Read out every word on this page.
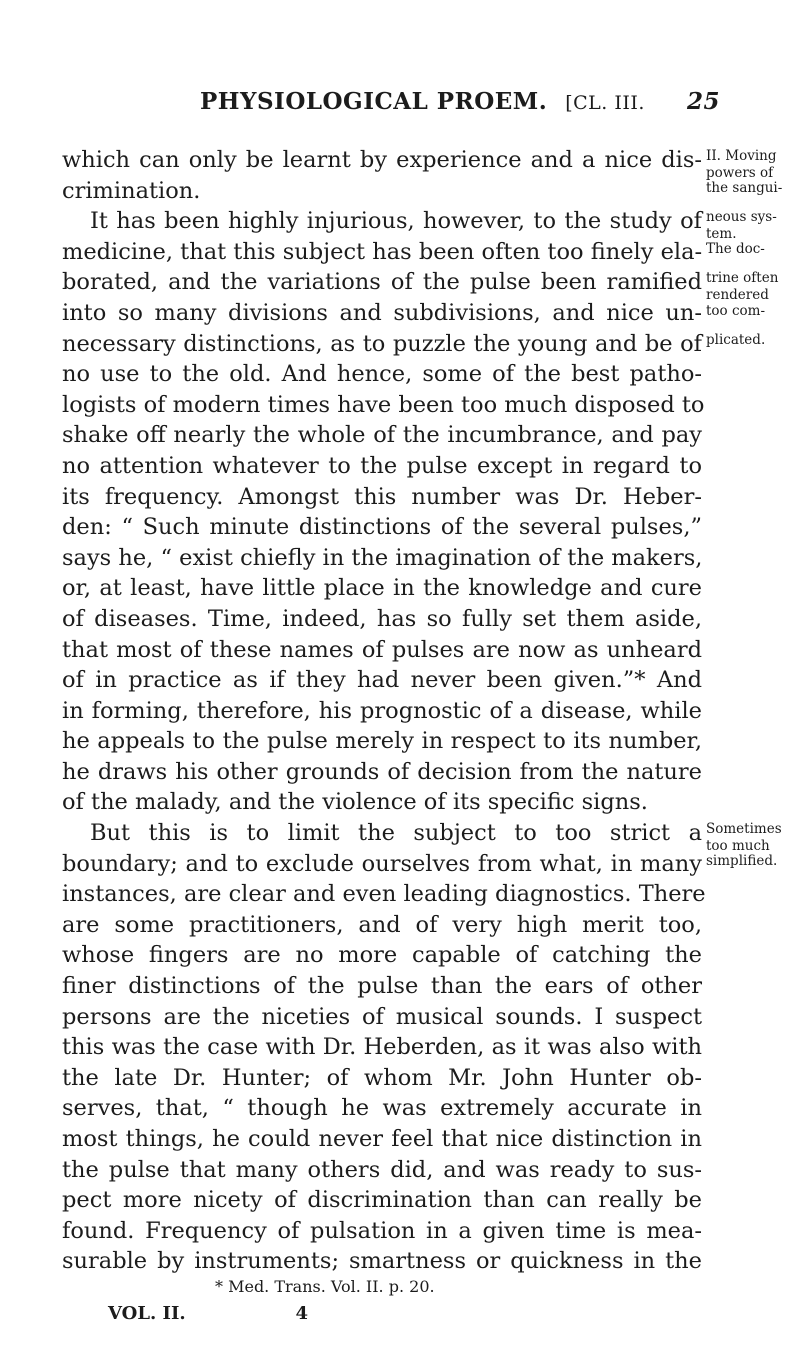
PHYSIOLOGICAL PROEM. [CL. III. 25
which can only be learnt by experience and a nice dis-
crimination.
It has been highly injurious, however, to the study of
medicine, that this subject has been often too finely ela-
borated, and the variations of the pulse been ramified
into so many divisions and subdivisions, and nice un-
necessary distinctions, as to puzzle the young and be of
no use to the old. And hence, some of the best patho-
logists of modern times have been too much disposed to
shake off nearly the whole of the incumbrance, and pay
no attention whatever to the pulse except in regard to
its frequency. Amongst this number was Dr. Heber-
den: “ Such minute distinctions of the several pulses,”
says he, “ exist chiefly in the imagination of the makers,
or, at least, have little place in the knowledge and cure
of diseases. Time, indeed, has so fully set them aside,
that most of these names of pulses are now as unheard
of in practice as if they had never been given.”* And
in forming, therefore, his prognostic of a disease, while
he appeals to the pulse merely in respect to its number,
he draws his other grounds of decision from the nature
of the malady, and the violence of its specific signs.
But this is to limit the subject to too strict a
boundary; and to exclude ourselves from what, in many
instances, are clear and even leading diagnostics. There
are some practitioners, and of very high merit too,
whose fingers are no more capable of catching the
finer distinctions of the pulse than the ears of other
persons are the niceties of musical sounds. I suspect
this was the case with Dr. Heberden, as it was also with
the late Dr. Hunter; of whom Mr. John Hunter ob-
serves, that, “ though he was extremely accurate in
most things, he could never feel that nice distinction in
the pulse that many others did, and was ready to sus-
pect more nicety of discrimination than can really be
found. Frequency of pulsation in a given time is mea-
surable by instruments; smartness or quickness in the
II. Moving
powers of
the sangui-
neous sys-
tem.
The doc-
trine often
rendered
too com-
plicated.
Sometimes
too much
simplified.
* Med. Trans. Vol. II. p. 20.
VOL. II.	4
